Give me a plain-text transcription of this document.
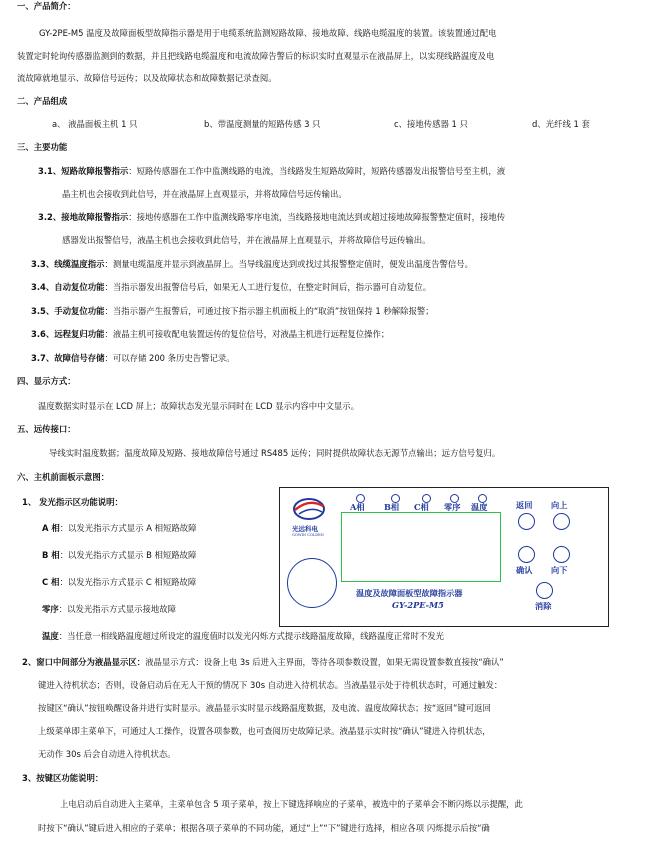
一、产品简介：
GY-2PE-M5 温度及故障面板型故障指示器是用于电缆系统监测短路故障、接地故障、线路电缆温度的装置。该装置通过配电
装置定时轮询传感器监测到的数据，并且把线路电缆温度和电流故障告警后的标识实时直观显示在液晶屏上，以实现线路温度及电
流故障就地显示、故障信号远传；以及故障状态和故障数据记录查阅。
二、产品组成
a、 液晶面板主机 1 只	b、带温度测量的短路传感 3 只	c、接地传感器 1 只	d、光纤线 1 套
三、主要功能
3.1、短路故障报警指示：短路传感器在工作中监测线路的电流，当线路发生短路故障时，短路传感器发出报警信号至主机，液
晶主机也会接收到此信号，并在液晶屏上直观显示，并将故障信号远传输出。
3.2、接地故障报警指示：接地传感器在工作中监测线路零序电流，当线路接地电流达到或超过接地故障报警整定值时，接地传
感器发出报警信号，液晶主机也会接收到此信号，并在液晶屏上直观显示，并将故障信号远传输出。
3.3、线缆温度指示：测量电缆温度并显示到液晶屏上。当导线温度达到或找过其报警整定值时，便发出温度告警信号。
3.4、自动复位功能：当指示器发出报警信号后，如果无人工进行复位，在整定时间后，指示器可自动复位。
3.5、手动复位功能：当指示器产生报警后，可通过按下指示器主机面板上的“取消”按钮保持 1 秒解除报警；
3.6、远程复归功能：液晶主机可接收配电装置远传的复位信号，对液晶主机进行远程复位操作；
3.7、故障信号存储：可以存储 200 条历史告警记录。
四、显示方式：
温度数据实时显示在 LCD 屏上；故障状态发光显示同时在 LCD 显示内容中中文显示。
五、远传接口：
导线实时温度数据；温度故障及短路、接地故障信号通过 RS485 远传；同时提供故障状态无源节点输出；远方信号复归。
六、主机前面板示意图：
1、 发光指示区功能说明：
A 相：以发光指示方式显示 A 相短路故障
B 相：以发光指示方式显示 B 相短路故障
C 相：以发光指示方式显示 C 相短路故障
零序：以发光指示方式显示接地故障
温度：当任意一相线路温度超过所设定的温度值时以发光闪烁方式提示线路温度故障，线路温度正常时不发光
2、窗口中间部分为液晶显示区：液晶显示方式：设备上电 3s 后进入主界面，等待各项参数设置，如果无需设置参数直接按“确认”
键进入待机状态；否则，设备启动后在无人干预的情况下 30s 自动进入待机状态。当液晶显示处于待机状态时，可通过触发：
按键区“确认”按钮唤醒设备并进行实时显示。液晶显示实时显示线路温度数据，及电流、温度故障状态；按“返回”键可返回
上级菜单即主菜单下，可通过人工操作，设置各项参数，也可查阅历史故障记录。液晶显示实时按“确认”键进入待机状态，
无动作 30s 后会自动进入待机状态。
3、按键区功能说明：
上电启动后自动进入主菜单，主菜单包含 5 项子菜单，按上下键选择响应的子菜单，被选中的子菜单会不断闪烁以示提醒，此
时按下“确认”键后进入相应的子菜单；根据各项子菜单的不同功能，通过“上”“下”键进行选择，相应各项 闪烁提示后按“确
光远科电
GOWIN COLDEN
A相 B相 C相 零序 温度	返回 向上
确认 向下
消除
温度及故障面板型故障指示器
GY-2PE-M5
